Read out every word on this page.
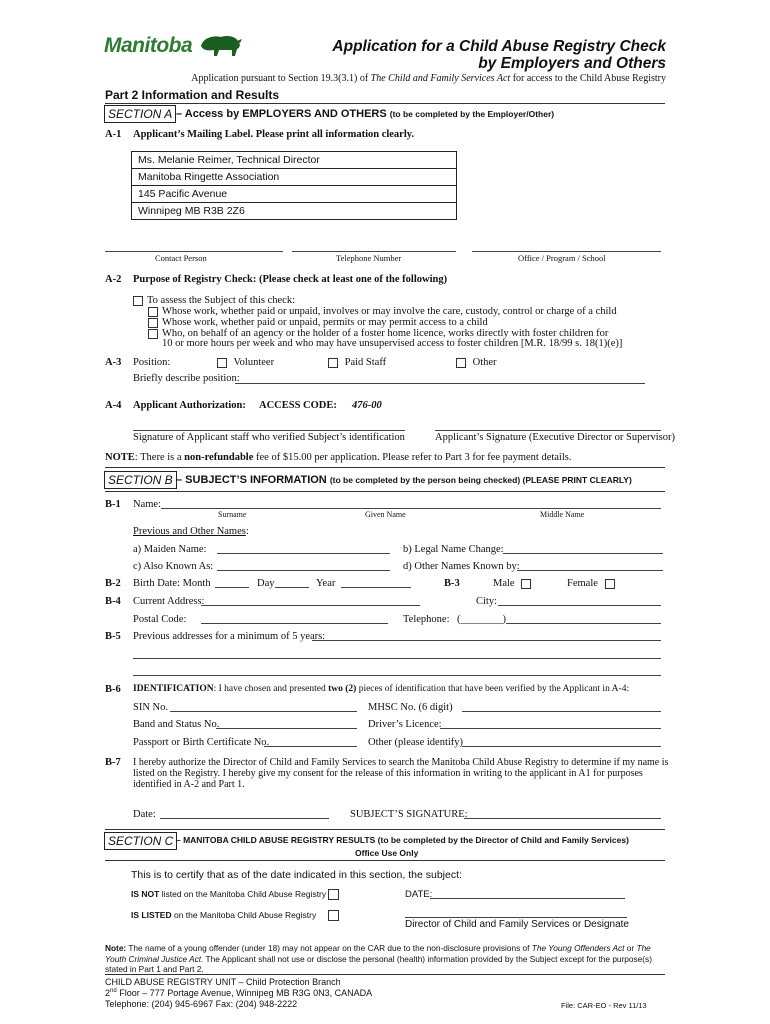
Manitoba	Application for a Child Abuse Registry Check
by Employers and Others
Application pursuant to Section 19.3(3.1) of The Child and Family Services Act for access to the Child Abuse Registry
Part 2 Information and Results
SECTION A – Access by EMPLOYERS AND OTHERS (to be completed by the Employer/Other)
A-1 Applicant’s Mailing Label. Please print all information clearly.
Ms. Melanie Reimer, Technical Director
Manitoba Ringette Association
145 Pacific Avenue
Winnipeg MB R3B 2Z6
Contact Person	Telephone Number	Office / Program / School
A-2 Purpose of Registry Check: (Please check at least one of the following)
To assess the Subject of this check:
Whose work, whether paid or unpaid, involves or may involve the care, custody, control or charge of a child
Whose work, whether paid or unpaid, permits or may permit access to a child
Who, on behalf of an agency or the holder of a foster home licence, works directly with foster children for
10 or more hours per week and who may have unsupervised access to foster children [M.R. 18/99 s. 18(1)(e)]
A-3 Position:	Volunteer	Paid Staff	Other
Briefly describe position:
A-4 Applicant Authorization: ACCESS CODE: 476-00
Signature of Applicant staff who verified Subject’s identification	Applicant’s Signature (Executive Director or Supervisor)
NOTE: There is a non-refundable fee of $15.00 per application. Please refer to Part 3 for fee payment details.
SECTION B – SUBJECT’S INFORMATION (to be completed by the person being checked) (PLEASE PRINT CLEARLY)
B-1 Name:
Surname	Given Name	Middle Name
Previous and Other Names:
a) Maiden Name:	b) Legal Name Change:
c) Also Known As:	d) Other Names Known by:
B-2 Birth Date: Month	Day	Year	B-3	Male	Female
B-4 Current Address:	City:
Postal Code:	Telephone: (________)
B-5 Previous addresses for a minimum of 5 years:
B-6 IDENTIFICATION: I have chosen and presented two (2) pieces of identification that have been verified by the Applicant in A-4:
SIN No.	MHSC No. (6 digit)
Band and Status No.	Driver’s Licence:
Passport or Birth Certificate No.	Other (please identify)
B-7 I hereby authorize the Director of Child and Family Services to search the Manitoba Child Abuse Registry to determine if my name is
listed on the Registry. I hereby give my consent for the release of this information in writing to the applicant in A1 for purposes
identified in A-2 and Part 1.
Date:	SUBJECT’S SIGNATURE:
SECTION C – MANITOBA CHILD ABUSE REGISTRY RESULTS (to be completed by the Director of Child and Family Services)
Office Use Only
This is to certify that as of the date indicated in this section, the subject:
IS NOT listed on the Manitoba Child Abuse Registry
IS LISTED on the Manitoba Child Abuse Registry
DATE:
Director of Child and Family Services or Designate
Note: The name of a young offender (under 18) may not appear on the CAR due to the non-disclosure provisions of The Young Offenders Act or The
Youth Criminal Justice Act. The Applicant shall not use or disclose the personal (health) information provided by the Subject except for the purpose(s)
stated in Part 1 and Part 2.
CHILD ABUSE REGISTRY UNIT – Child Protection Branch
2nd Floor – 777 Portage Avenue, Winnipeg MB R3G 0N3, CANADA
Telephone: (204) 945-6967 Fax: (204) 948-2222	File: CAR-EO - Rev 11/13
